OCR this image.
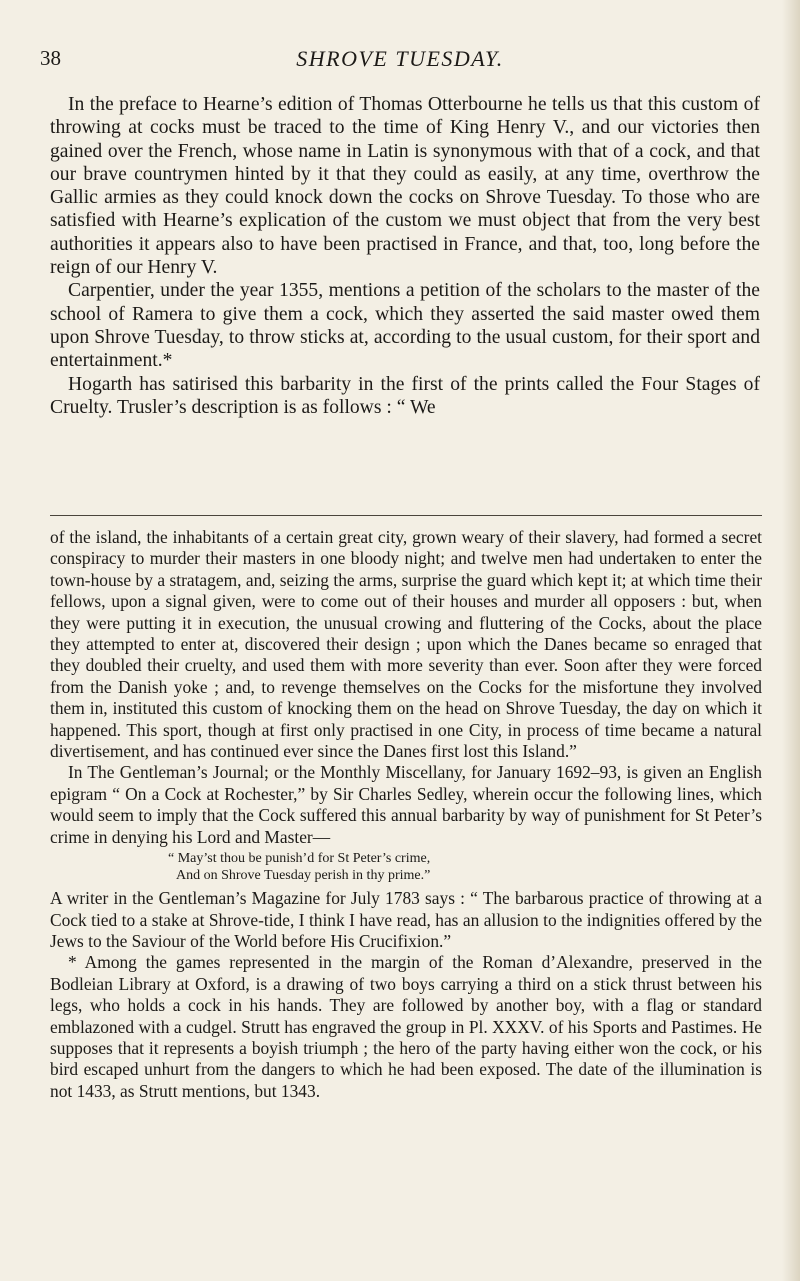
38	SHROVE TUESDAY.

In the preface to Hearne’s edition of Thomas Otterbourne he tells us that this custom of throwing at cocks must be traced to the time of King Henry V., and our victories then gained over the French, whose name in Latin is synonymous with that of a cock, and that our brave countrymen hinted by it that they could as easily, at any time, overthrow the Gallic armies as they could knock down the cocks on Shrove Tuesday. To those who are satisfied with Hearne’s explication of the custom we must object that from the very best authorities it appears also to have been practised in France, and that, too, long before the reign of our Henry V.

Carpentier, under the year 1355, mentions a petition of the scholars to the master of the school of Ramera to give them a cock, which they asserted the said master owed them upon Shrove Tuesday, to throw sticks at, according to the usual custom, for their sport and entertainment.*

Hogarth has satirised this barbarity in the first of the prints called the Four Stages of Cruelty. Trusler’s description is as follows : “ We

of the island, the inhabitants of a certain great city, grown weary of their slavery, had formed a secret conspiracy to murder their masters in one bloody night; and twelve men had undertaken to enter the town-house by a stratagem, and, seizing the arms, surprise the guard which kept it; at which time their fellows, upon a signal given, were to come out of their houses and murder all opposers : but, when they were putting it in execution, the unusual crowing and fluttering of the Cocks, about the place they attempted to enter at, discovered their design ; upon which the Danes became so enraged that they doubled their cruelty, and used them with more severity than ever. Soon after they were forced from the Danish yoke ; and, to revenge themselves on the Cocks for the misfortune they involved them in, instituted this custom of knocking them on the head on Shrove Tuesday, the day on which it happened. This sport, though at first only practised in one City, in process of time became a natural divertisement, and has continued ever since the Danes first lost this Island.”

In The Gentleman’s Journal; or the Monthly Miscellany, for January 1692–93, is given an English epigram “ On a Cock at Rochester,” by Sir Charles Sedley, wherein occur the following lines, which would seem to imply that the Cock suffered this annual barbarity by way of punishment for St Peter’s crime in denying his Lord and Master—

“ May’st thou be punish’d for St Peter’s crime,
And on Shrove Tuesday perish in thy prime.”

A writer in the Gentleman’s Magazine for July 1783 says : “ The barbarous practice of throwing at a Cock tied to a stake at Shrove-tide, I think I have read, has an allusion to the indignities offered by the Jews to the Saviour of the World before His Crucifixion.”

* Among the games represented in the margin of the Roman d’Alexandre, preserved in the Bodleian Library at Oxford, is a drawing of two boys carrying a third on a stick thrust between his legs, who holds a cock in his hands. They are followed by another boy, with a flag or standard emblazoned with a cudgel. Strutt has engraved the group in Pl. XXXV. of his Sports and Pastimes. He supposes that it represents a boyish triumph ; the hero of the party having either won the cock, or his bird escaped unhurt from the dangers to which he had been exposed. The date of the illumination is not 1433, as Strutt mentions, but 1343.
